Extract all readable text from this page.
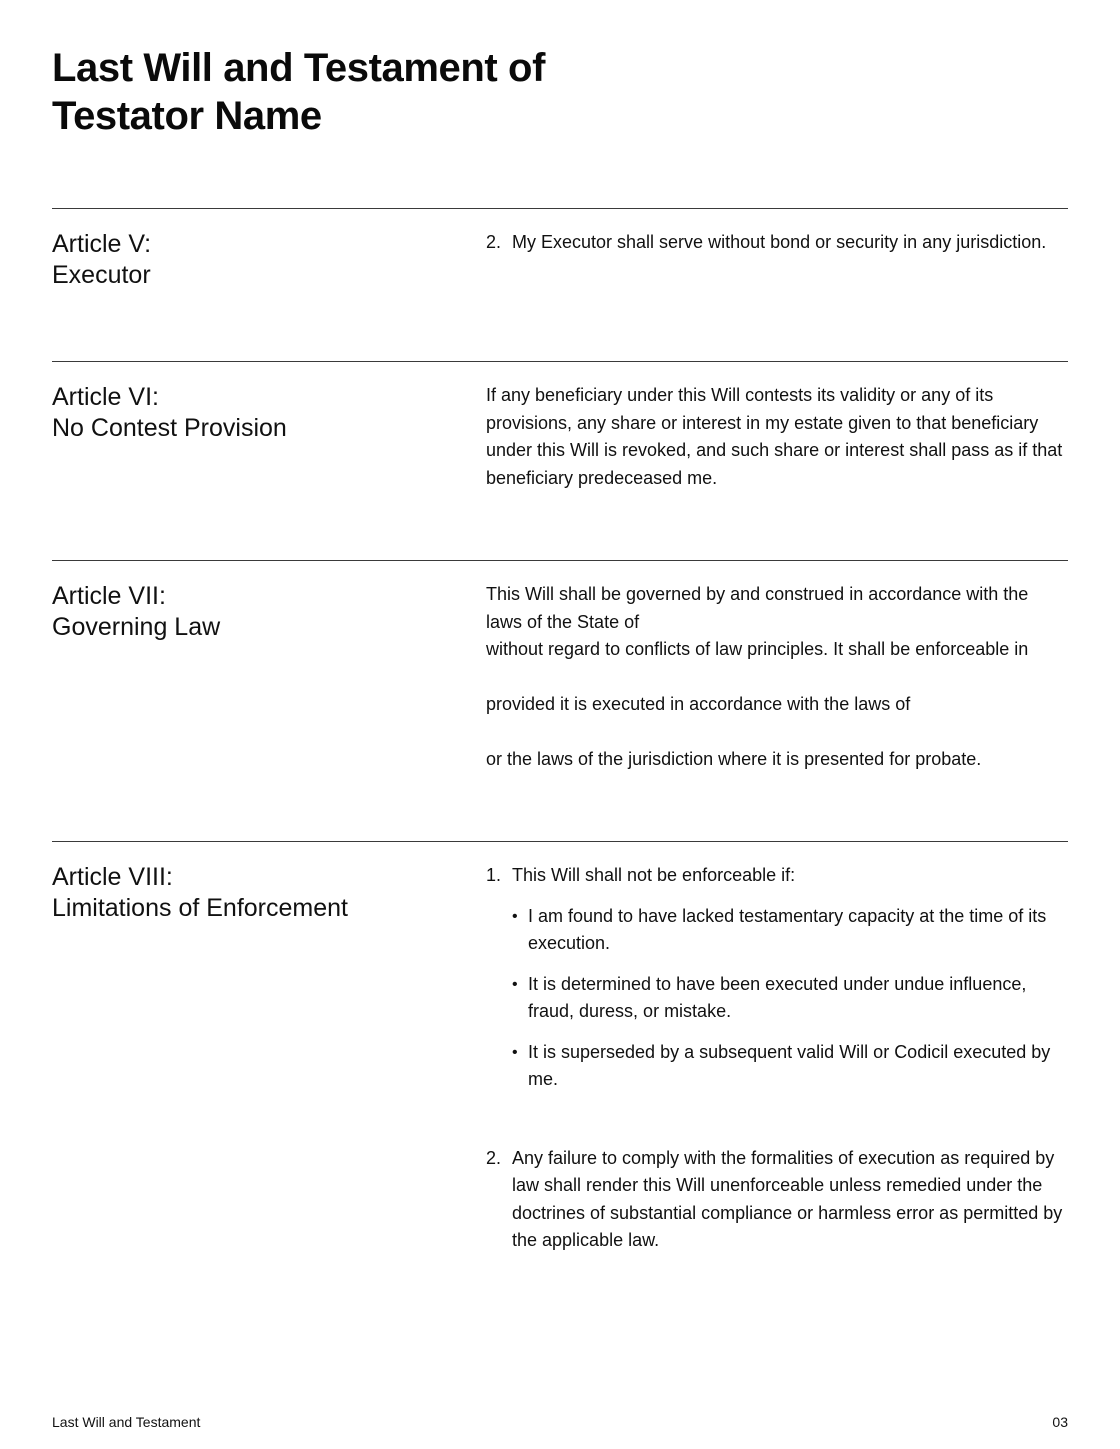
Last Will and Testament of
Testator Name
Article V:
Executor
2. My Executor shall serve without bond or security in any jurisdiction.
Article VI:
No Contest Provision

If any beneficiary under this Will contests its validity or any of its provisions, any share or interest in my estate given to that beneficiary under this Will is revoked, and such share or interest shall pass as if that beneficiary predeceased me.

Article VII:
Governing Law
This Will shall be governed by and construed in accordance with the
laws of the State of
without regard to conflicts of law principles. It shall be enforceable in
provided it is executed in accordance with the laws of
or the laws of the jurisdiction where it is presented for probate.
Article VIII:
Limitations of Enforcement
1. This Will shall not be enforceable if:
• I am found to have lacked testamentary capacity at the time of its execution.
• It is determined to have been executed under undue influence, fraud, duress, or mistake.
• It is superseded by a subsequent valid Will or Codicil executed by me.
2. Any failure to comply with the formalities of execution as required by law shall render this Will unenforceable unless remedied under the doctrines of substantial compliance or harmless error as permitted by the applicable law.
Last Will and Testament	03
